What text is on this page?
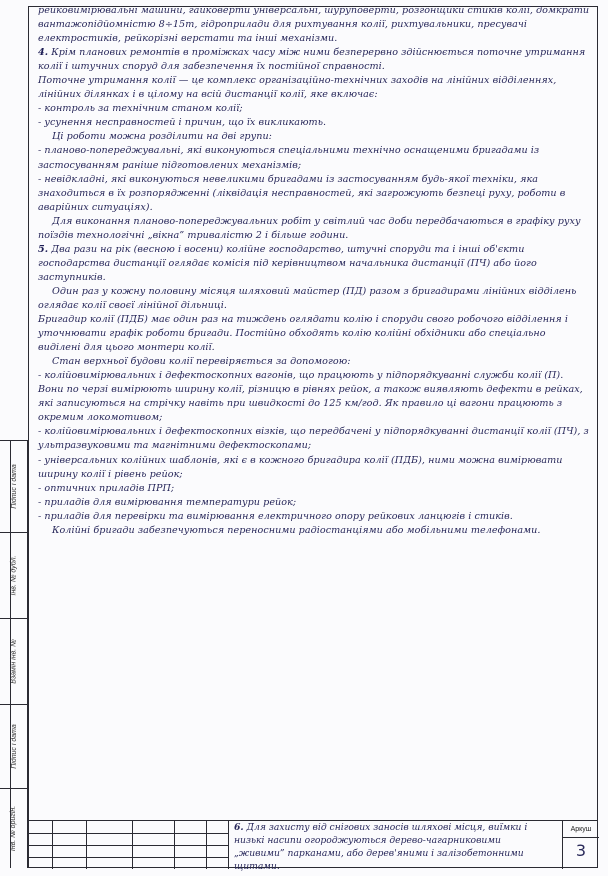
рейковимірювальні машини, гайковерти універсальні, шуруповерти, розгонщики стиків колії, домкрати вантажопідйомністю 8÷15т, гідроприлади для рихтування колії, рихтувальники, пресувачі електростиків, рейкорізні верстати та інші механізми.

4. Крім планових ремонтів в проміжках часу між ними безперервно здійснюється поточне утримання колії і штучних споруд для забезпечення їх постійної справності.

Поточне утримання колії — це комплекс організаційно-технічних заходів на лінійних відділеннях, лінійних ділянках і в цілому на всій дистанції колії, яке включає:

- контроль за технічним станом колії;

- усунення несправностей і причин, що їх викликають.

Ці роботи можна розділити на дві групи:

- планово-попереджувальні, які виконуються спеціальними технічно оснащеними бригадами із застосуванням раніше підготовлених механізмів;

- невідкладні, які виконуються невеликими бригадами із застосуванням будь-якої техніки, яка знаходиться в їх розпорядженні (ліквідація несправностей, які загрожують безпеці руху, роботи в аварійних ситуаціях).

Для виконання планово-попереджувальних робіт у світлий час доби передбачаються в графіку руху поїздів технологічні „вікна” тривалістю 2 і більше години.

5. Два рази на рік (весною і восени) колійне господарство, штучні споруди та і інші об'єкти господарства дистанції оглядає комісія під керівництвом начальника дистанції (ПЧ) або його заступників.

Один раз у кожну половину місяця шляховий майстер (ПД) разом з бригадирами лінійних відділень оглядає колії своєї лінійної дільниці.

Бригадир колії (ПДБ) має один раз на тиждень оглядати колію і споруди свого робочого відділення і уточнювати графік роботи бригади. Постійно обходять колію колійні обхідники або спеціально виділені для цього монтери колії.

Стан верхньої будови колії перевіряється за допомогою:

- колійовимірювальних і дефектоскопних вагонів, що працюють у підпорядкуванні служби колії (П). Вони по черзі вимірюють ширину колії, різницю в рівнях рейок, а також виявляють дефекти в рейках, які записуються на стрічку навіть при швидкості до 125 км/год. Як правило ці вагони працюють з окремим локомотивом;

- колійовимірювальних і дефектоскопних візків, що передбачені у підпорядкуванні дистанції колії (ПЧ), з ультразвуковими та магнітними дефектоскопами;

- універсальних колійних шаблонів, які є в кожного бригадира колії (ПДБ), ними можна вимірювати ширину колії і рівень рейок;

- оптичних приладів ПРП;

- приладів для вимірювання температури рейок;

- приладів для перевірки та вимірювання електричного опору рейкових ланцюгів і стиків.

Колійні бригади забезпечуються переносними радіостанціями або мобільними телефонами.

Підпис і дата
Інв. № дубл.
Взамін інв. №
Підпис і дата
Інв. № оригін.	6. Для захисту від снігових заносів шляхові місця, виїмки і низькі насипи огороджуються дерево-чагарниковими „живими” парканами, або дерев'яними і залізобетонними щитами.
Аркуш
3
